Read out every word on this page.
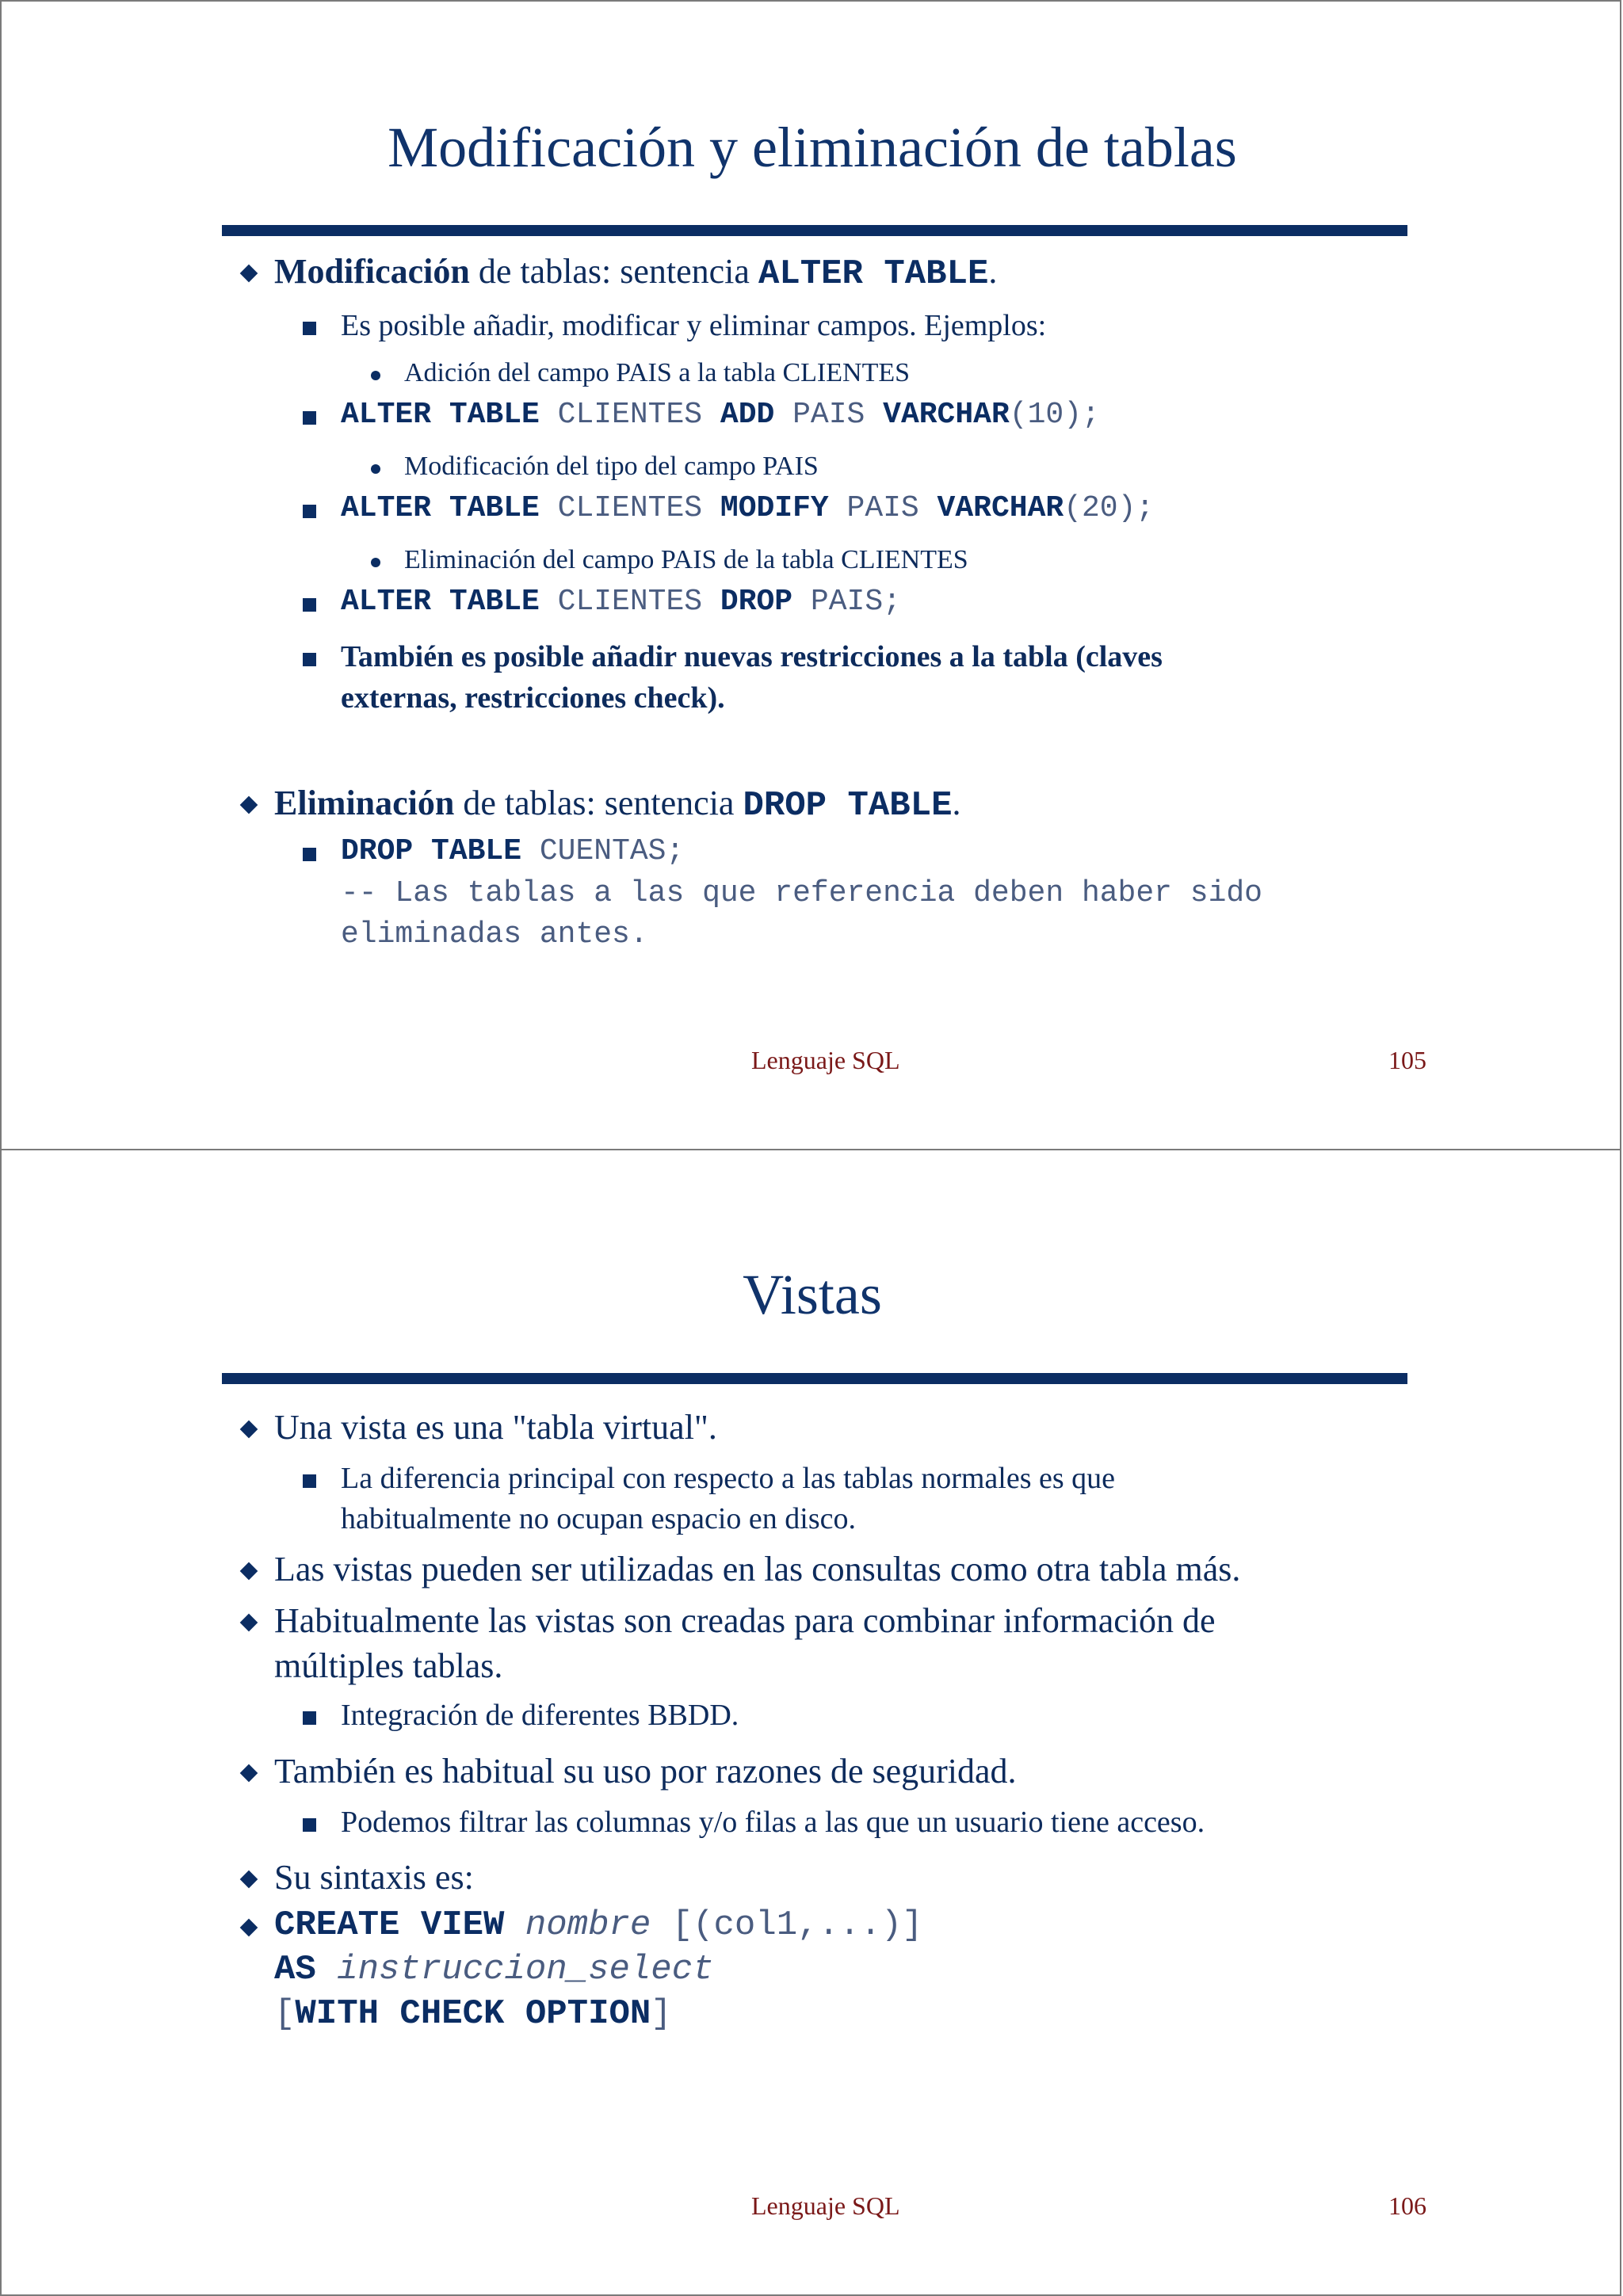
Modificación y eliminación de tablas
Modificación de tablas: sentencia ALTER TABLE.
Es posible añadir, modificar y eliminar campos. Ejemplos:
Adición del campo PAIS a la tabla CLIENTES
ALTER TABLE CLIENTES ADD PAIS VARCHAR(10);
Modificación del tipo del campo PAIS
ALTER TABLE CLIENTES MODIFY PAIS VARCHAR(20);
Eliminación del campo PAIS de la tabla CLIENTES
ALTER TABLE CLIENTES DROP PAIS;
También es posible añadir nuevas restricciones a la tabla (claves
externas, restricciones check).
Eliminación de tablas: sentencia DROP TABLE.
DROP TABLE CUENTAS;
-- Las tablas a las que referencia deben haber sido
eliminadas antes.
Lenguaje SQL	105
Vistas
Una vista es una "tabla virtual".
La diferencia principal con respecto a las tablas normales es que
habitualmente no ocupan espacio en disco.
Las vistas pueden ser utilizadas en las consultas como otra tabla más.
Habitualmente las vistas son creadas para combinar información de
múltiples tablas.
Integración de diferentes BBDD.
También es habitual su uso por razones de seguridad.
Podemos filtrar las columnas y/o filas a las que un usuario tiene acceso.
Su sintaxis es:
CREATE VIEW nombre [(col1,...)]
AS instruccion_select
[WITH CHECK OPTION]
Lenguaje SQL	106
